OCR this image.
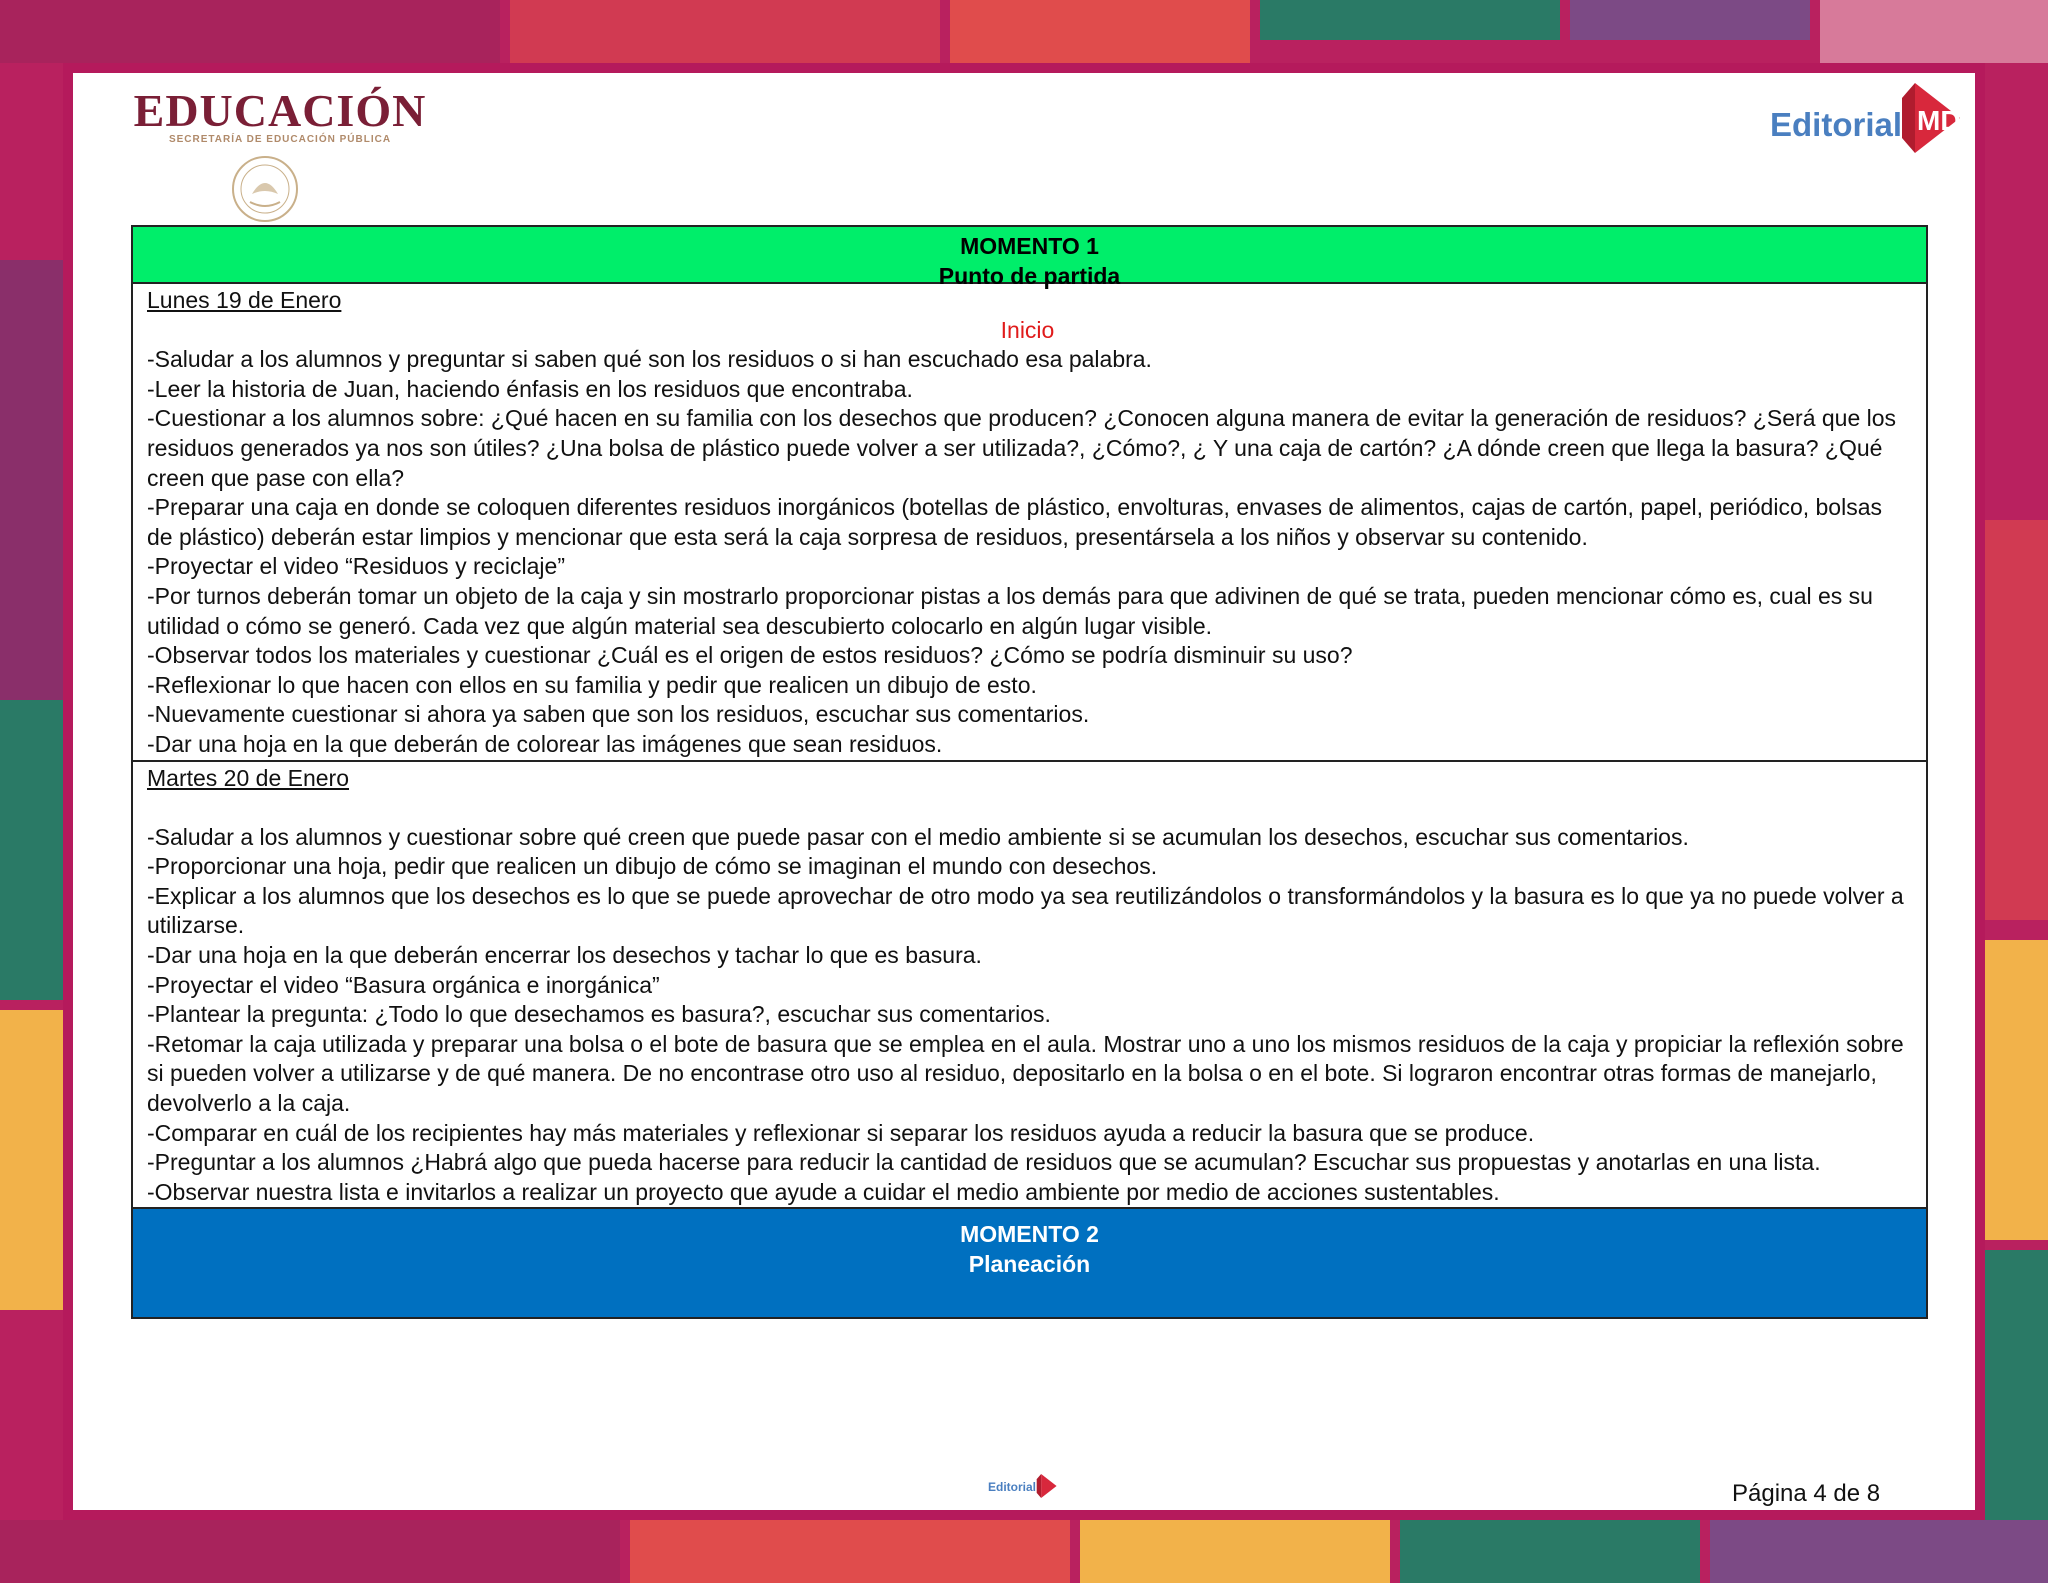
EDUCACIÓN
SECRETARÍA DE EDUCACIÓN PÚBLICA	Editorial MD
MOMENTO 1
Punto de partida
Lunes 19 de Enero
Inicio

-Saludar a los alumnos y preguntar si saben qué son los residuos o si han escuchado esa palabra.

-Leer la historia de Juan, haciendo énfasis en los residuos que encontraba.

-Cuestionar a los alumnos sobre: ¿Qué hacen en su familia con los desechos que producen? ¿Conocen alguna manera de evitar la generación de residuos? ¿Será que los residuos generados ya nos son útiles? ¿Una bolsa de plástico puede volver a ser utilizada?, ¿Cómo?, ¿ Y una caja de cartón? ¿A dónde creen que llega la basura? ¿Qué creen que pase con ella?

-Preparar una caja en donde se coloquen diferentes residuos inorgánicos (botellas de plástico, envolturas, envases de alimentos, cajas de cartón, papel, periódico, bolsas de plástico) deberán estar limpios y mencionar que esta será la caja sorpresa de residuos, presentársela a los niños y observar su contenido.

-Proyectar el video “Residuos y reciclaje”

-Por turnos deberán tomar un objeto de la caja y sin mostrarlo proporcionar pistas a los demás para que adivinen de qué se trata, pueden mencionar cómo es, cual es su utilidad o cómo se generó. Cada vez que algún material sea descubierto colocarlo en algún lugar visible.

-Observar todos los materiales y cuestionar ¿Cuál es el origen de estos residuos? ¿Cómo se podría disminuir su uso?

-Reflexionar lo que hacen con ellos en su familia y pedir que realicen un dibujo de esto.

-Nuevamente cuestionar si ahora ya saben que son los residuos, escuchar sus comentarios.

-Dar una hoja en la que deberán de colorear las imágenes que sean residuos.

Martes 20 de Enero

-Saludar a los alumnos y cuestionar sobre qué creen que puede pasar con el medio ambiente si se acumulan los desechos, escuchar sus comentarios.

-Proporcionar una hoja, pedir que realicen un dibujo de cómo se imaginan el mundo con desechos.

-Explicar a los alumnos que los desechos es lo que se puede aprovechar de otro modo ya sea reutilizándolos o transformándolos y la basura es lo que ya no puede volver a utilizarse.

-Dar una hoja en la que deberán encerrar los desechos y tachar lo que es basura.

-Proyectar el video “Basura orgánica e inorgánica”

-Plantear la pregunta: ¿Todo lo que desechamos es basura?, escuchar sus comentarios.

-Retomar la caja utilizada y preparar una bolsa o el bote de basura que se emplea en el aula. Mostrar uno a uno los mismos residuos de la caja y propiciar la reflexión sobre si pueden volver a utilizarse y de qué manera. De no encontrase otro uso al residuo, depositarlo en la bolsa o en el bote. Si lograron encontrar otras formas de manejarlo, devolverlo a la caja.

-Comparar en cuál de los recipientes hay más materiales y reflexionar si separar los residuos ayuda a reducir la basura que se produce.

-Preguntar a los alumnos ¿Habrá algo que pueda hacerse para reducir la cantidad de residuos que se acumulan? Escuchar sus propuestas y anotarlas en una lista.

-Observar nuestra lista e invitarlos a realizar un proyecto que ayude a cuidar el medio ambiente por medio de acciones sustentables.

MOMENTO 2
Planeación
Editorial	Página 4 de 8
